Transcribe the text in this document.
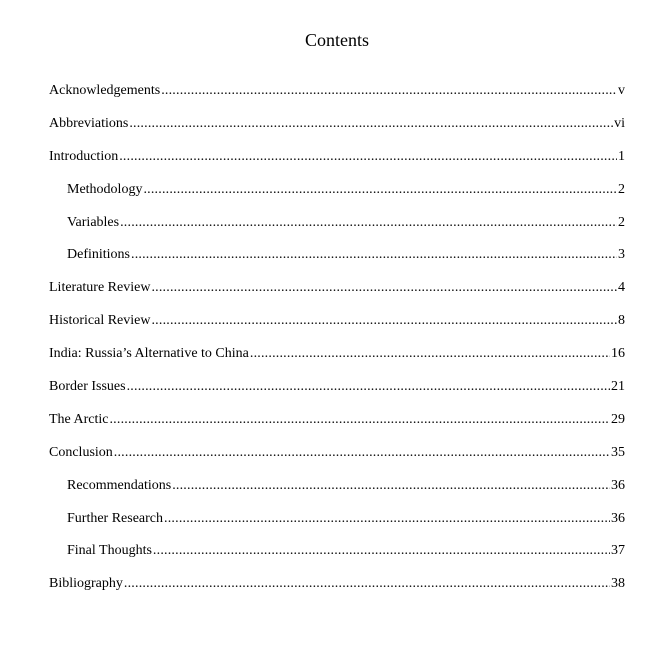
Contents
Acknowledgements .....	v
Abbreviations .....	vi
Introduction .....	1
Methodology .....	2
Variables .....	2
Definitions .....	3
Literature Review .....	4
Historical Review .....	8
India: Russia’s Alternative to China .....	16
Border Issues .....	21
The Arctic .....	29
Conclusion .....	35
Recommendations .....	36
Further Research .....	36
Final Thoughts .....	37
Bibliography .....	38
